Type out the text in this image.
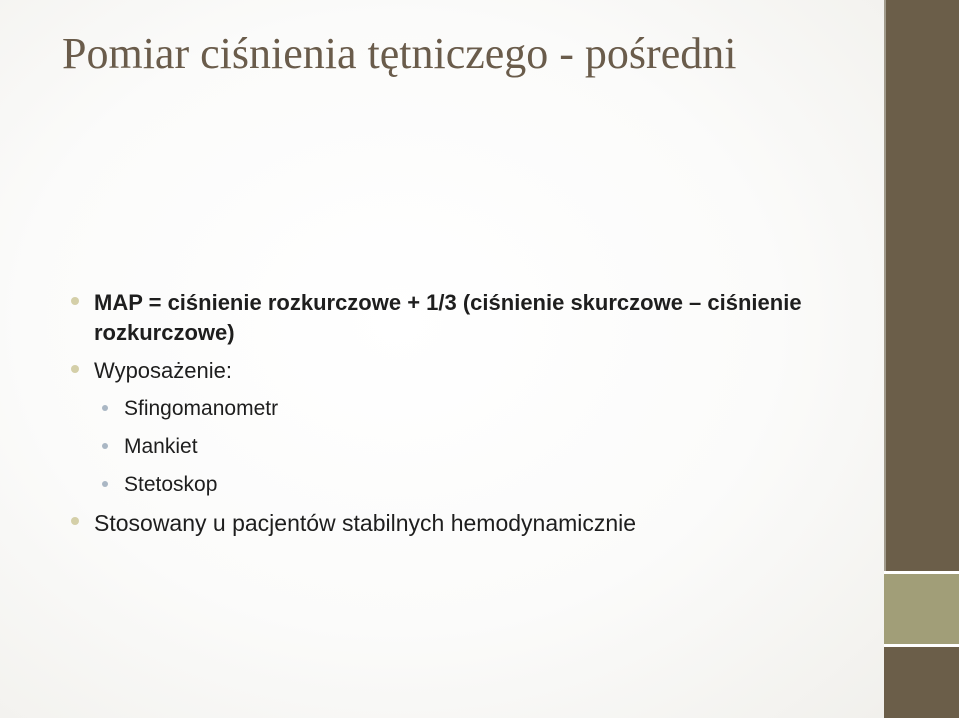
Pomiar ciśnienia tętniczego - pośredni
MAP = ciśnienie rozkurczowe + 1/3 (ciśnienie skurczowe – ciśnienie rozkurczowe)
Wyposażenie:
Sfingomanometr
Mankiet
Stetoskop
Stosowany u pacjentów stabilnych hemodynamicznie
